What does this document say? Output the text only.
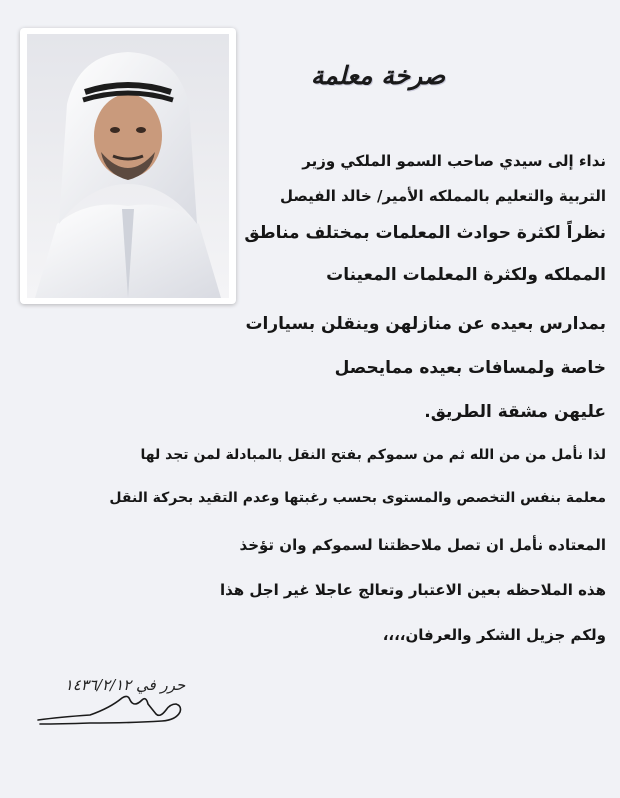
صرخة معلمة
نداء إلى سيدي صاحب السمو الملكي وزير
التربية والتعليم بالمملكه الأمير/ خالد الفيصل
نظراً لكثرة حوادث المعلمات بمختلف مناطق
المملكه ولكثرة المعلمات المعينات
بمدارس بعيده عن منازلهن وينقلن بسيارات
خاصة ولمسافات بعيده ممايحصل
عليهن مشقة الطريق.
لذا نأمل من من الله ثم من سموكم بفتح النقل بالمبادلة لمن تجد لها
معلمة بنفس التخصص والمستوى بحسب رغبتها وعدم التقيد بحركة النقل
المعتاده نأمل ان تصل ملاحظتنا لسموكم وان تؤخذ
هذه الملاحظه بعين الاعتبار وتعالج عاجلا غير اجل هذا
ولكم جزيل الشكر والعرفان،،،،
حرر في ١٤٣٦/٢/١٢
